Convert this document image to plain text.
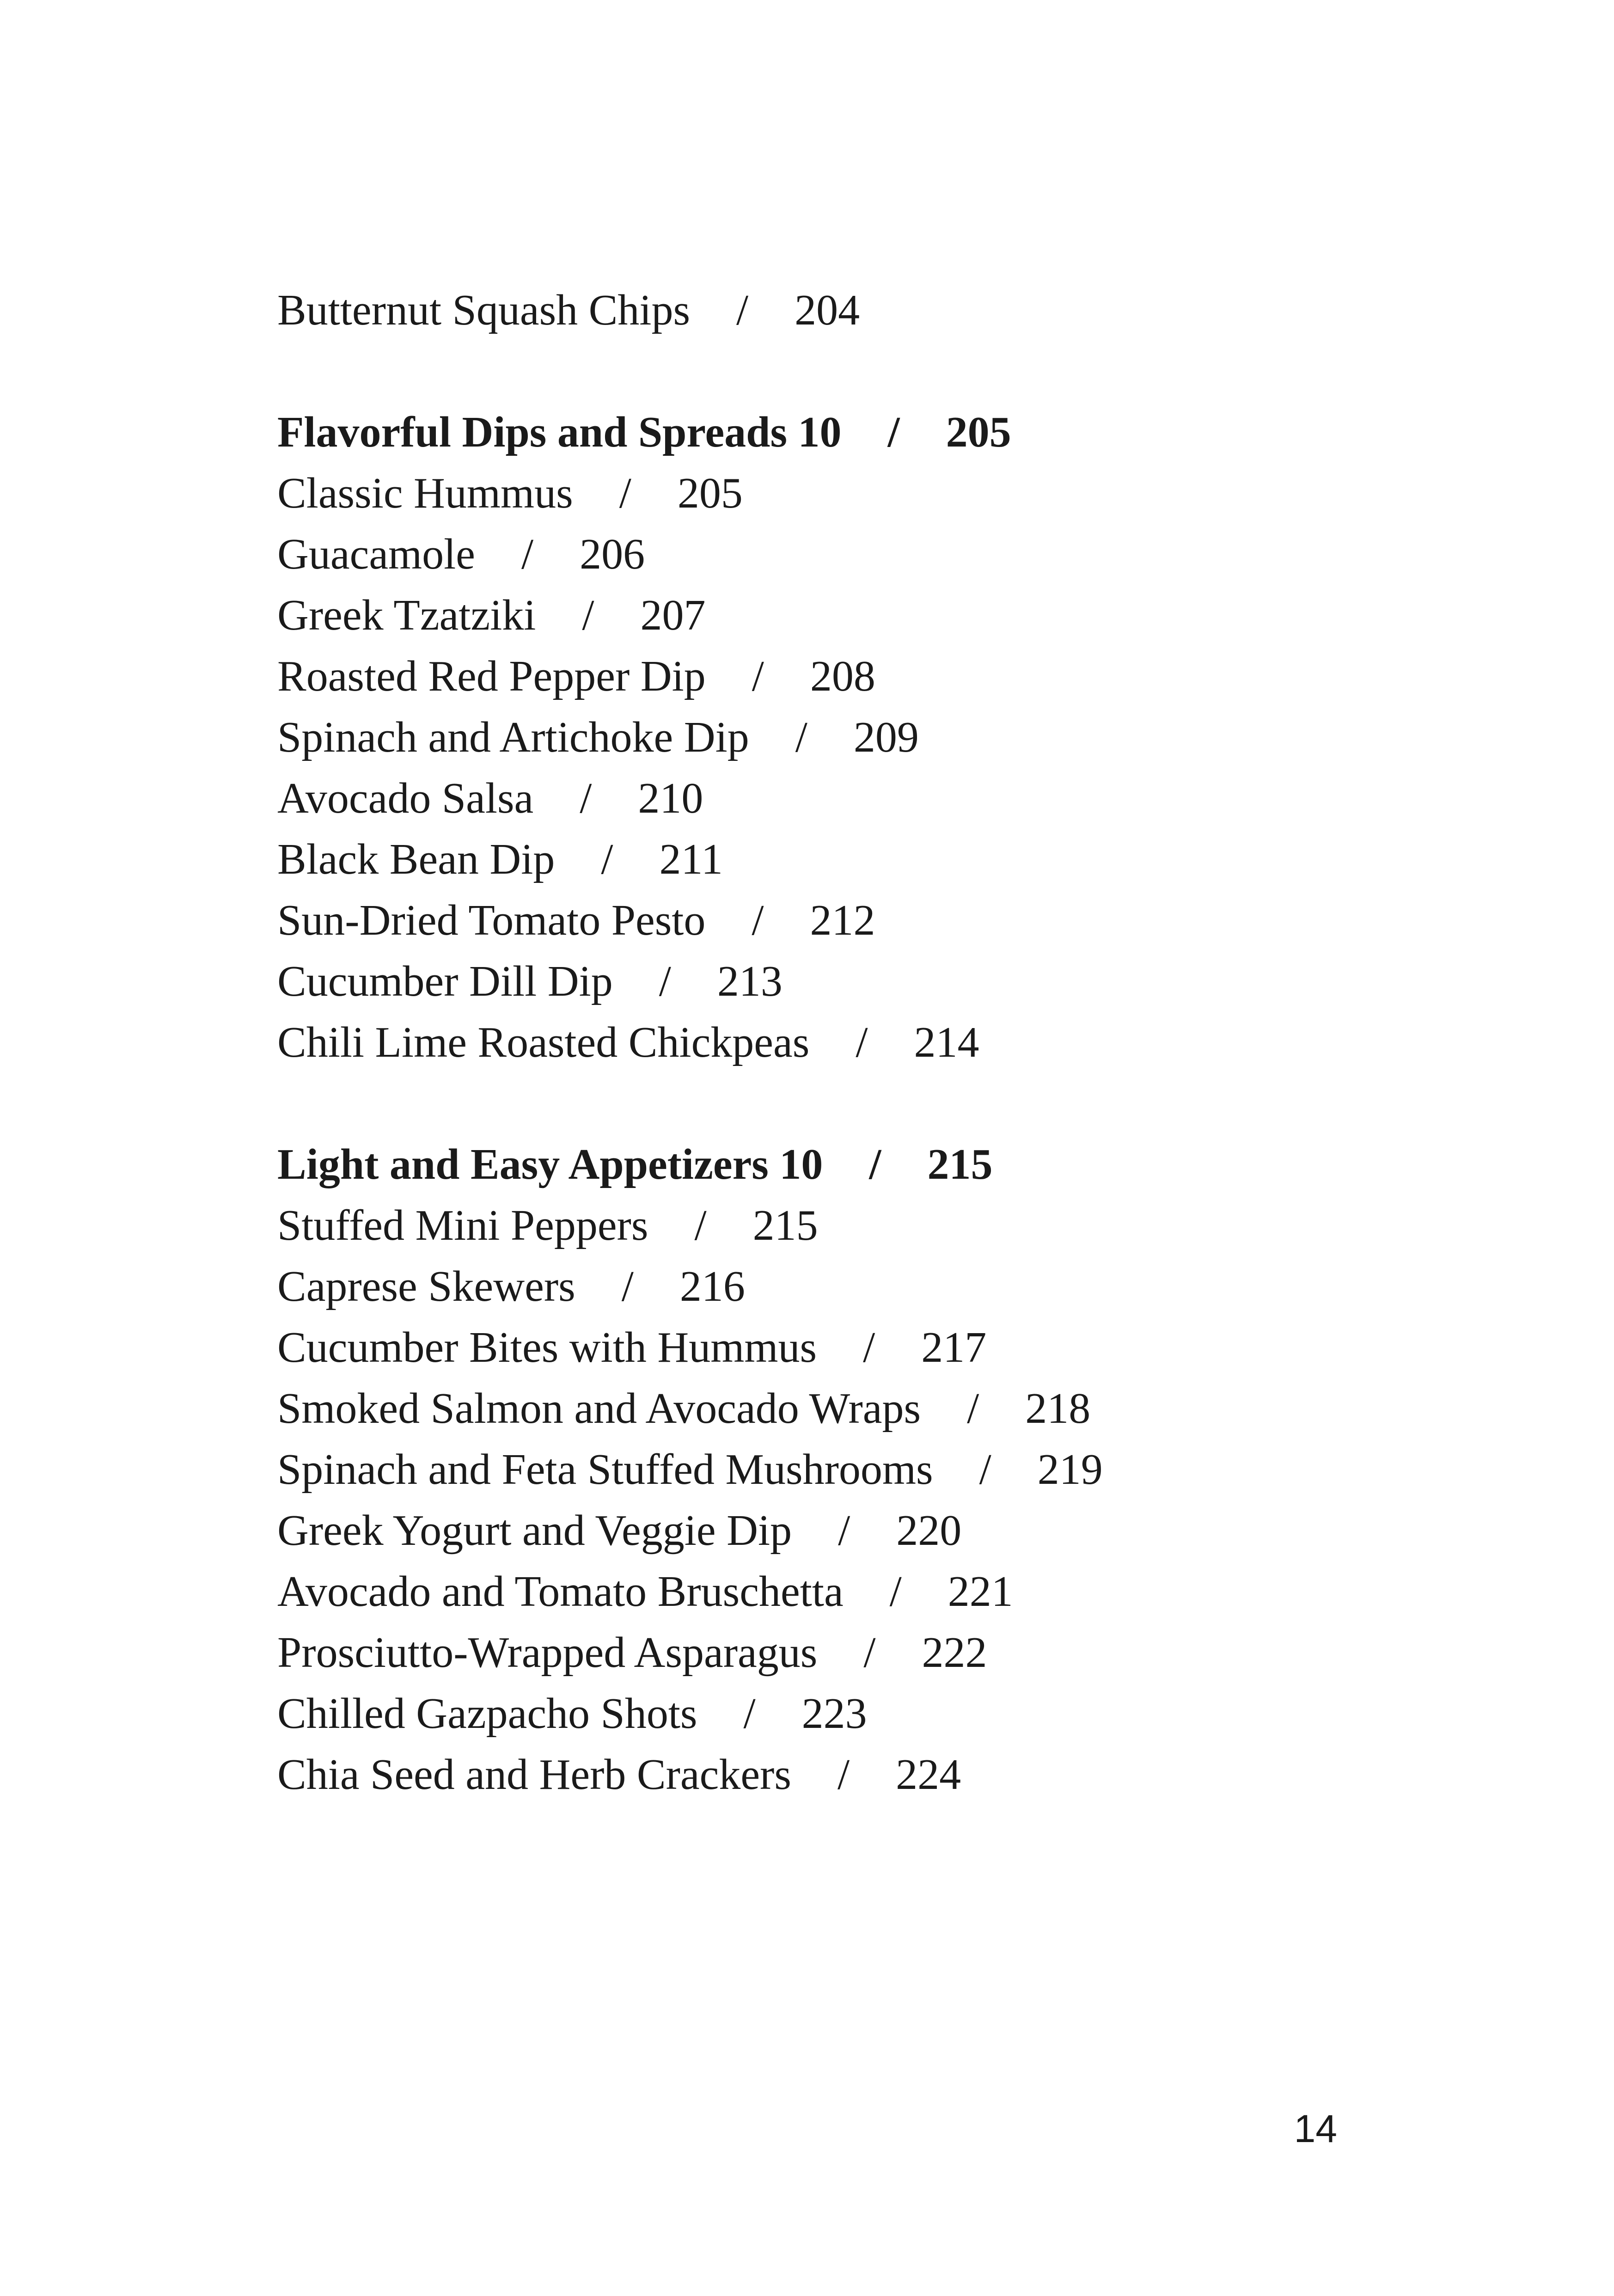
Butternut Squash Chips / 204
Flavorful Dips and Spreads 10 / 205
Classic Hummus / 205
Guacamole / 206
Greek Tzatziki / 207
Roasted Red Pepper Dip / 208
Spinach and Artichoke Dip / 209
Avocado Salsa / 210
Black Bean Dip / 211
Sun-Dried Tomato Pesto / 212
Cucumber Dill Dip / 213
Chili Lime Roasted Chickpeas / 214
Light and Easy Appetizers 10 / 215
Stuffed Mini Peppers / 215
Caprese Skewers / 216
Cucumber Bites with Hummus / 217
Smoked Salmon and Avocado Wraps / 218
Spinach and Feta Stuffed Mushrooms / 219
Greek Yogurt and Veggie Dip / 220
Avocado and Tomato Bruschetta / 221
Prosciutto-Wrapped Asparagus / 222
Chilled Gazpacho Shots / 223
Chia Seed and Herb Crackers / 224
14
